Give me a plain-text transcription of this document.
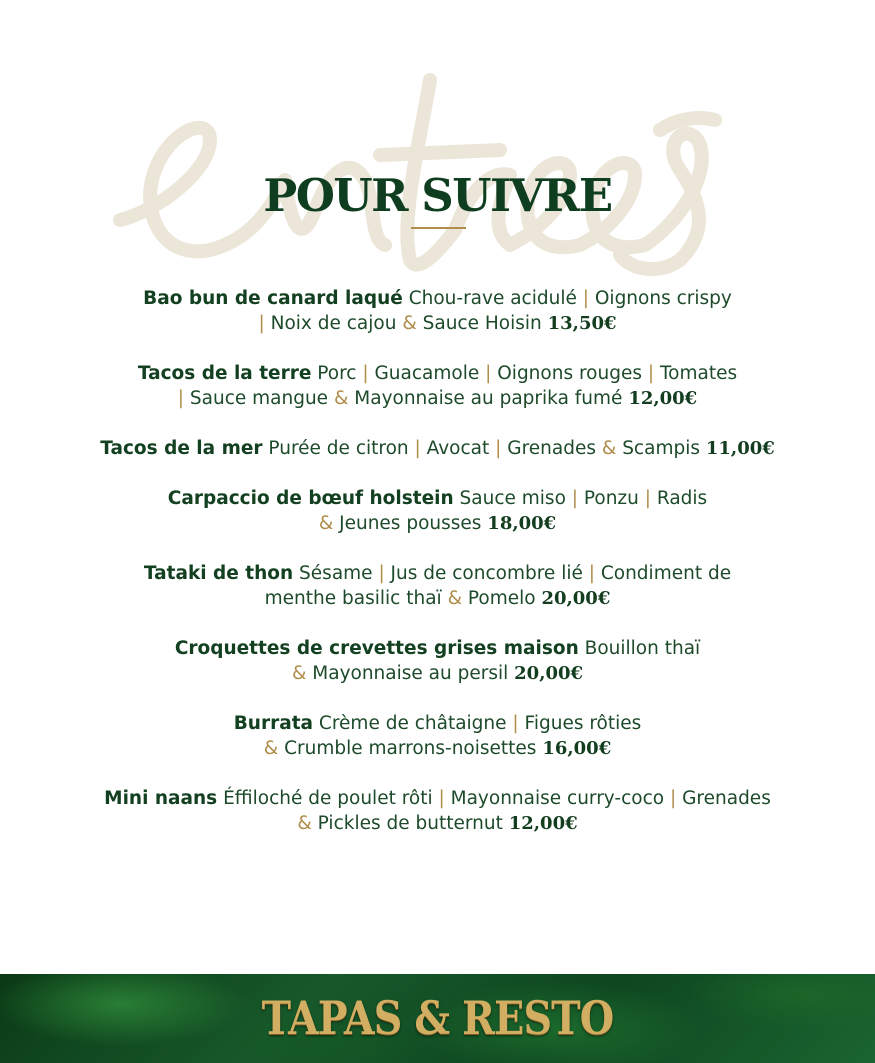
POUR SUIVRE
Bao bun de canard laqué Chou-rave acidulé | Oignons crispy
| Noix de cajou & Sauce Hoisin 13,50€
Tacos de la terre Porc | Guacamole | Oignons rouges | Tomates
| Sauce mangue & Mayonnaise au paprika fumé 12,00€
Tacos de la mer Purée de citron | Avocat | Grenades & Scampis 11,00€
Carpaccio de bœuf holstein Sauce miso | Ponzu | Radis
& Jeunes pousses 18,00€
Tataki de thon Sésame | Jus de concombre lié | Condiment de
menthe basilic thaï & Pomelo 20,00€
Croquettes de crevettes grises maison Bouillon thaï
& Mayonnaise au persil 20,00€
Burrata Crème de châtaigne | Figues rôties
& Crumble marrons-noisettes 16,00€
Mini naans Éffiloché de poulet rôti | Mayonnaise curry-coco | Grenades
& Pickles de butternut 12,00€
TAPAS & RESTO
